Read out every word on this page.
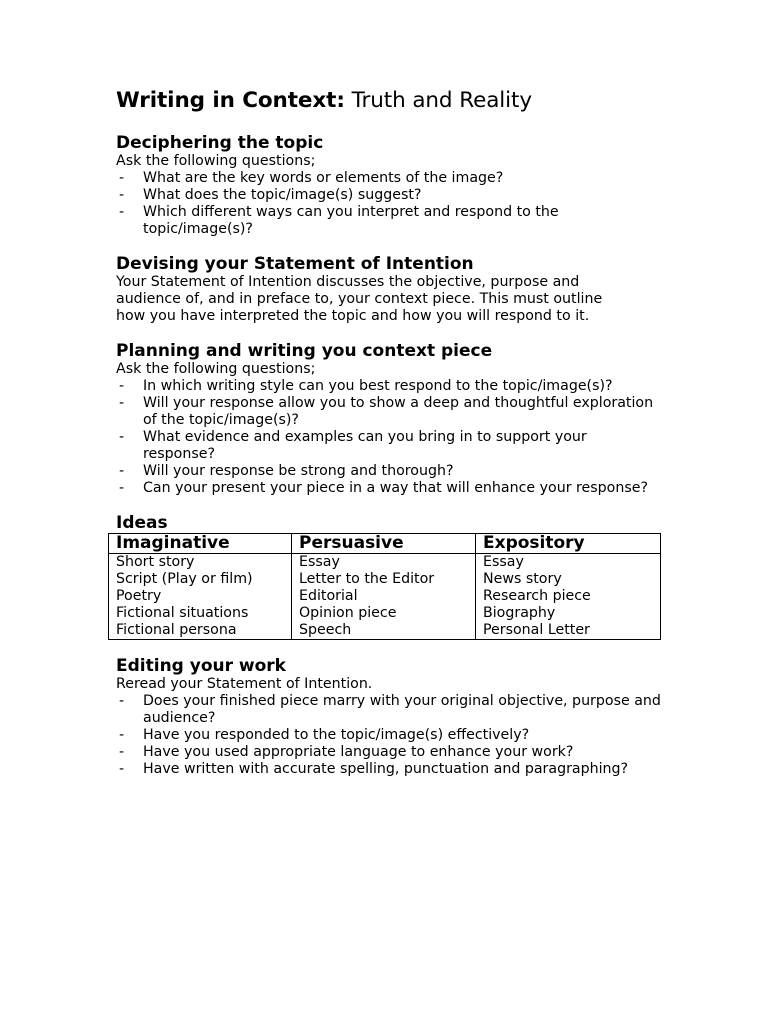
Writing in Context: Truth and Reality
Deciphering the topic

Ask the following questions;

- What are the key words or elements of the image?
- What does the topic/image(s) suggest?
- Which different ways can you interpret and respond to the topic/image(s)?
Devising your Statement of Intention

Your Statement of Intention discusses the objective, purpose and

audience of, and in preface to, your context piece. This must outline

how you have interpreted the topic and how you will respond to it.

Planning and writing you context piece

Ask the following questions;

- In which writing style can you best respond to the topic/image(s)?
- Will your response allow you to show a deep and thoughtful exploration of the topic/image(s)?
- What evidence and examples can you bring in to support your response?
- Will your response be strong and thorough?
- Can your present your piece in a way that will enhance your response?
Ideas
Imaginative	Persuasive	Expository
Short story	Essay	Essay
Script (Play or film)	Letter to the Editor	News story
Poetry	Editorial	Research piece
Fictional situations	Opinion piece	Biography
Fictional persona	Speech	Personal Letter
Editing your work

Reread your Statement of Intention.

- Does your finished piece marry with your original objective, purpose and audience?
- Have you responded to the topic/image(s) effectively?
- Have you used appropriate language to enhance your work?
- Have written with accurate spelling, punctuation and paragraphing?
